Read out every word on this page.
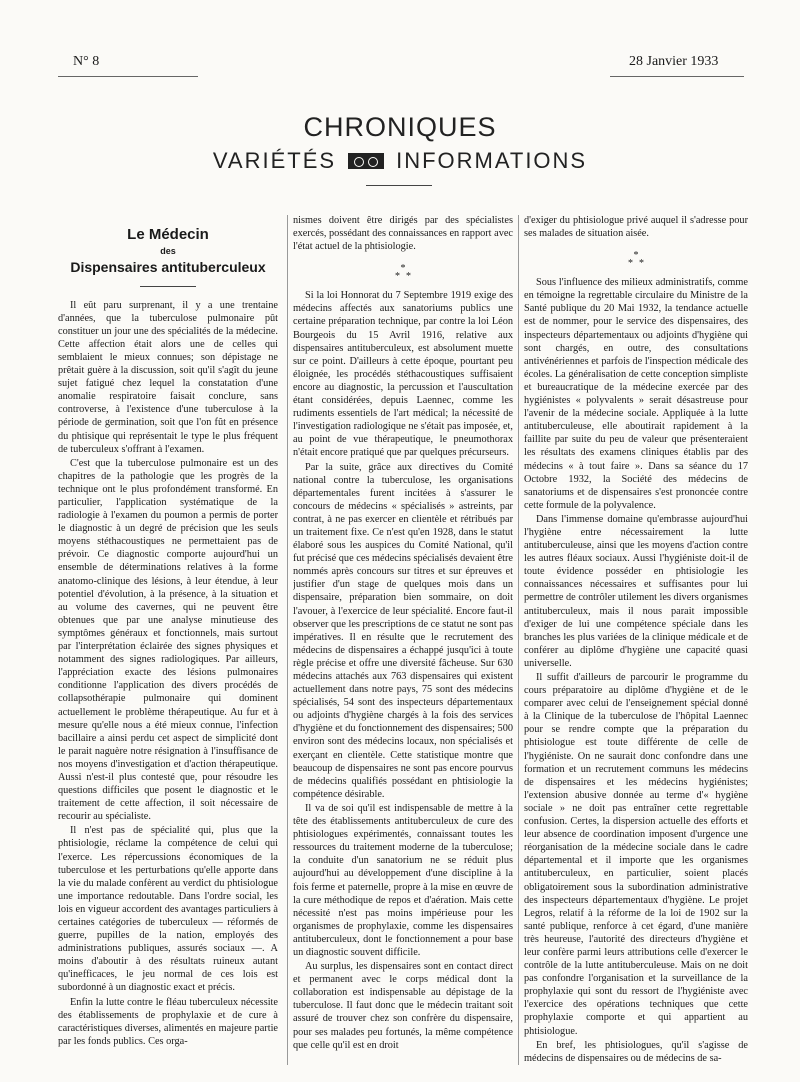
N° 8	28 Janvier 1933
CHRONIQUES
VARIÉTÉS	INFORMATIONS
Le Médecin
des
Dispensaires antituberculeux

Il eût paru surprenant, il y a une trentaine d'années, que la tuberculose pulmonaire pût constituer un jour une des spécialités de la médecine. Cette affection était alors une de celles qui semblaient le mieux connues; son dépistage ne prêtait guère à la discussion, soit qu'il s'agît du jeune sujet fatigué chez lequel la constatation d'une anomalie respiratoire faisait conclure, sans controverse, à l'existence d'une tuberculose à la période de germination, soit que l'on fût en présence du phtisique qui représentait le type le plus fréquent de tuberculeux s'offrant à l'examen.

C'est que la tuberculose pulmonaire est un des chapitres de la pathologie que les progrès de la technique ont le plus profondément transformé. En particulier, l'application systématique de la radiologie à l'examen du poumon a permis de porter le diagnostic à un degré de précision que les seuls moyens stéthacoustiques ne permettaient pas de prévoir. Ce diagnostic comporte aujourd'hui un ensemble de déterminations relatives à la forme anatomo-clinique des lésions, à leur étendue, à leur potentiel d'évolution, à la présence, à la situation et au volume des cavernes, qui ne peuvent être obtenues que par une analyse minutieuse des symptômes généraux et fonctionnels, mais surtout par l'interprétation éclairée des signes physiques et notamment des signes radiologiques. Par ailleurs, l'appréciation exacte des lésions pulmonaires conditionne l'application des divers procédés de collapsothérapie pulmonaire qui dominent actuellement le problème thérapeutique. Au fur et à mesure qu'elle nous a été mieux connue, l'infection bacillaire a ainsi perdu cet aspect de simplicité dont le parait naguère notre résignation à l'insuffisance de nos moyens d'investigation et d'action thérapeutique. Aussi n'est-il plus contesté que, pour résoudre les questions difficiles que posent le diagnostic et le traitement de cette affection, il soit nécessaire de recourir au spécialiste.

Il n'est pas de spécialité qui, plus que la phtisiologie, réclame la compétence de celui qui l'exerce. Les répercussions économiques de la tuberculose et les perturbations qu'elle apporte dans la vie du malade confèrent au verdict du phtisiologue une importance redoutable. Dans l'ordre social, les lois en vigueur accordent des avantages particuliers à certaines catégories de tuberculeux — réformés de guerre, pupilles de la nation, employés des administrations publiques, assurés sociaux —. A moins d'aboutir à des résultats ruineux autant qu'inefficaces, le jeu normal de ces lois est subordonné à un diagnostic exact et précis.

Enfin la lutte contre le fléau tuberculeux nécessite des établissements de prophylaxie et de cure à caractéristiques diverses, alimentés en majeure partie par les fonds publics. Ces orga-

nismes doivent être dirigés par des spécialistes exercés, possédant des connaissances en rapport avec l'état actuel de la phtisiologie.

*
* *

Si la loi Honnorat du 7 Septembre 1919 exige des médecins affectés aux sanatoriums publics une certaine préparation technique, par contre la loi Léon Bourgeois du 15 Avril 1916, relative aux dispensaires antituberculeux, est absolument muette sur ce point. D'ailleurs à cette époque, pourtant peu éloignée, les procédés stéthacoustiques suffisaient encore au diagnostic, la percussion et l'auscultation étant considérées, depuis Laennec, comme les rudiments essentiels de l'art médical; la nécessité de l'investigation radiologique ne s'était pas imposée, et, au point de vue thérapeutique, le pneumothorax n'était encore pratiqué que par quelques précurseurs.

Par la suite, grâce aux directives du Comité national contre la tuberculose, les organisations départementales furent incitées à s'assurer le concours de médecins « spécialisés » astreints, par contrat, à ne pas exercer en clientèle et rétribués par un traitement fixe. Ce n'est qu'en 1928, dans le statut élaboré sous les auspices du Comité National, qu'il fut précisé que ces médecins spécialisés devaient être nommés après concours sur titres et sur épreuves et justifier d'un stage de quelques mois dans un dispensaire, préparation bien sommaire, on doit l'avouer, à l'exercice de leur spécialité. Encore faut-il observer que les prescriptions de ce statut ne sont pas impératives. Il en résulte que le recrutement des médecins de dispensaires a échappé jusqu'ici à toute règle précise et offre une diversité fâcheuse. Sur 630 médecins attachés aux 763 dispensaires qui existent actuellement dans notre pays, 75 sont des médecins spécialisés, 54 sont des inspecteurs départementaux ou adjoints d'hygiène chargés à la fois des services d'hygiène et du fonctionnement des dispensaires; 500 environ sont des médecins locaux, non spécialisés et exerçant en clientèle. Cette statistique montre que beaucoup de dispensaires ne sont pas encore pourvus de médecins qualifiés possédant en phtisiologie la compétence désirable.

Il va de soi qu'il est indispensable de mettre à la tête des établissements antituberculeux de cure des phtisiologues expérimentés, connaissant toutes les ressources du traitement moderne de la tuberculose; la conduite d'un sanatorium ne se réduit plus aujourd'hui au développement d'une discipline à la fois ferme et paternelle, propre à la mise en œuvre de la cure méthodique de repos et d'aération. Mais cette nécessité n'est pas moins impérieuse pour les organismes de prophylaxie, comme les dispensaires antituberculeux, dont le fonctionnement a pour base un diagnostic souvent difficile.

Au surplus, les dispensaires sont en contact direct et permanent avec le corps médical dont la collaboration est indispensable au dépistage de la tuberculose. Il faut donc que le médecin traitant soit assuré de trouver chez son confrère du dispensaire, pour ses malades peu fortunés, la même compétence que celle qu'il est en droit

d'exiger du phtisiologue privé auquel il s'adresse pour ses malades de situation aisée.

*
* *

Sous l'influence des milieux administratifs, comme en témoigne la regrettable circulaire du Ministre de la Santé publique du 20 Mai 1932, la tendance actuelle est de nommer, pour le service des dispensaires, des inspecteurs départementaux ou adjoints d'hygiène qui sont chargés, en outre, des consultations antivénériennes et parfois de l'inspection médicale des écoles. La généralisation de cette conception simpliste et bureaucratique de la médecine exercée par des hygiénistes « polyvalents » serait désastreuse pour l'avenir de la médecine sociale. Appliquée à la lutte antituberculeuse, elle aboutirait rapidement à la faillite par suite du peu de valeur que présenteraient les résultats des examens cliniques établis par des médecins « à tout faire ». Dans sa séance du 17 Octobre 1932, la Société des médecins de sanatoriums et de dispensaires s'est prononcée contre cette formule de la polyvalence.

Dans l'immense domaine qu'embrasse aujourd'hui l'hygiène entre nécessairement la lutte antituberculeuse, ainsi que les moyens d'action contre les autres fléaux sociaux. Aussi l'hygiéniste doit-il de toute évidence posséder en phtisiologie les connaissances nécessaires et suffisantes pour lui permettre de contrôler utilement les divers organismes antituberculeux, mais il nous parait impossible d'exiger de lui une compétence spéciale dans les branches les plus variées de la clinique médicale et de conférer au diplôme d'hygiène une capacité quasi universelle.

Il suffit d'ailleurs de parcourir le programme du cours préparatoire au diplôme d'hygiène et de le comparer avec celui de l'enseignement spécial donné à la Clinique de la tuberculose de l'hôpital Laennec pour se rendre compte que la préparation du phtisiologue est toute différente de celle de l'hygiéniste. On ne saurait donc confondre dans une formation et un recrutement communs les médecins de dispensaires et les médecins hygiénistes; l'extension abusive donnée au terme d'« hygiène sociale » ne doit pas entraîner cette regrettable confusion. Certes, la dispersion actuelle des efforts et leur absence de coordination imposent d'urgence une réorganisation de la médecine sociale dans le cadre départemental et il importe que les organismes antituberculeux, en particulier, soient placés obligatoirement sous la subordination administrative des inspecteurs départementaux d'hygiène. Le projet Legros, relatif à la réforme de la loi de 1902 sur la santé publique, renforce à cet égard, d'une manière très heureuse, l'autorité des directeurs d'hygiène et leur confère parmi leurs attributions celle d'exercer le contrôle de la lutte antituberculeuse. Mais on ne doit pas confondre l'organisation et la surveillance de la prophylaxie qui sont du ressort de l'hygiéniste avec l'exercice des opérations techniques que cette prophylaxie comporte et qui appartient au phtisiologue.

En bref, les phtisiologues, qu'il s'agisse de médecins de dispensaires ou de médecins de sa-
